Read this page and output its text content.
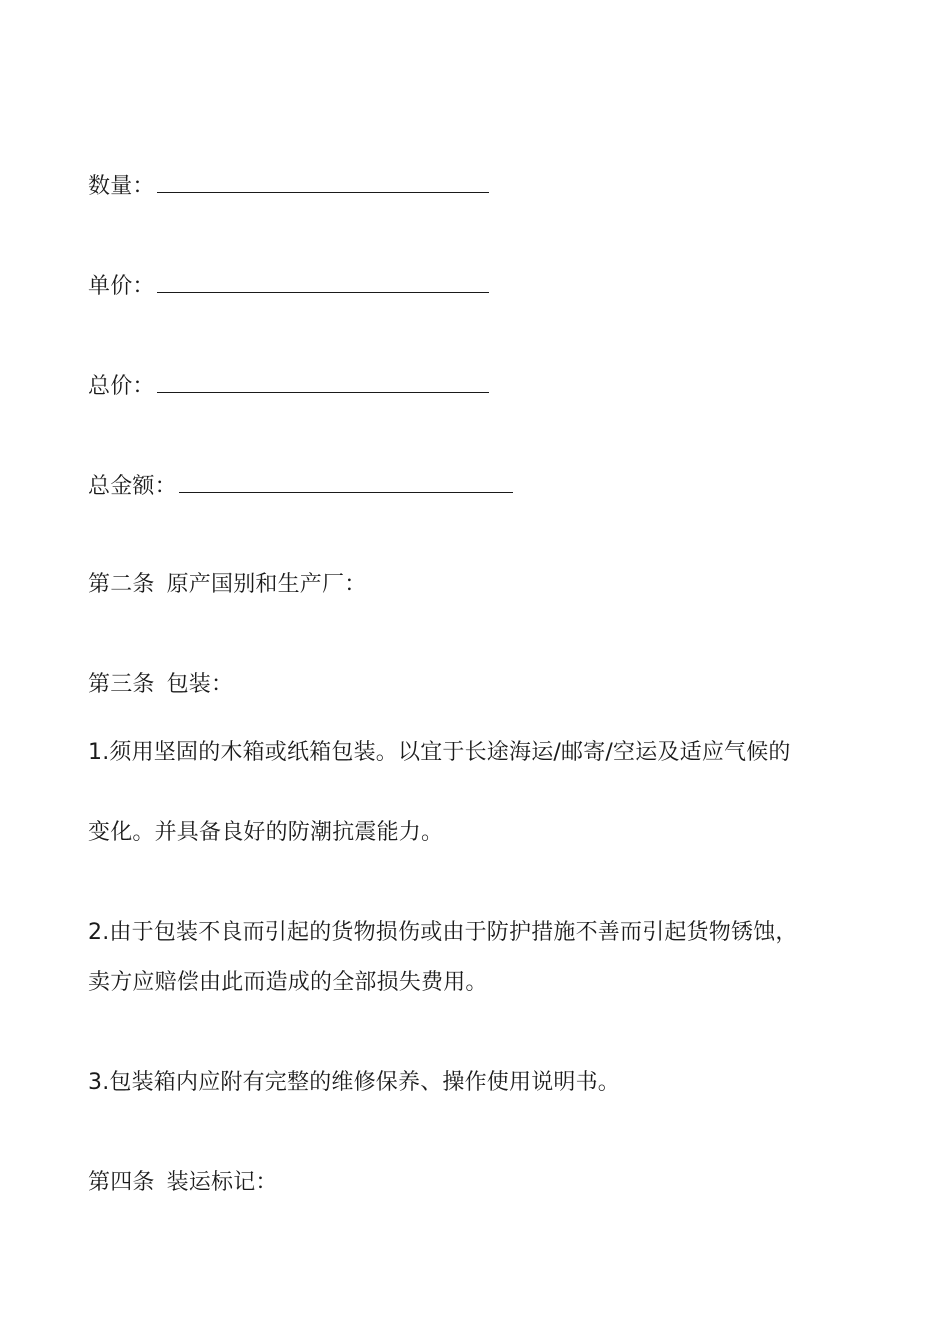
数量：
单价：
总价：
总金额：
第二条 原产国别和生产厂：
第三条 包装：
1.须用坚固的木箱或纸箱包装。以宜于长途海运/邮寄/空运及适应气候的
变化。并具备良好的防潮抗震能力。
2.由于包装不良而引起的货物损伤或由于防护措施不善而引起货物锈蚀，
卖方应赔偿由此而造成的全部损失费用。
3.包装箱内应附有完整的维修保养、操作使用说明书。
第四条 装运标记：
